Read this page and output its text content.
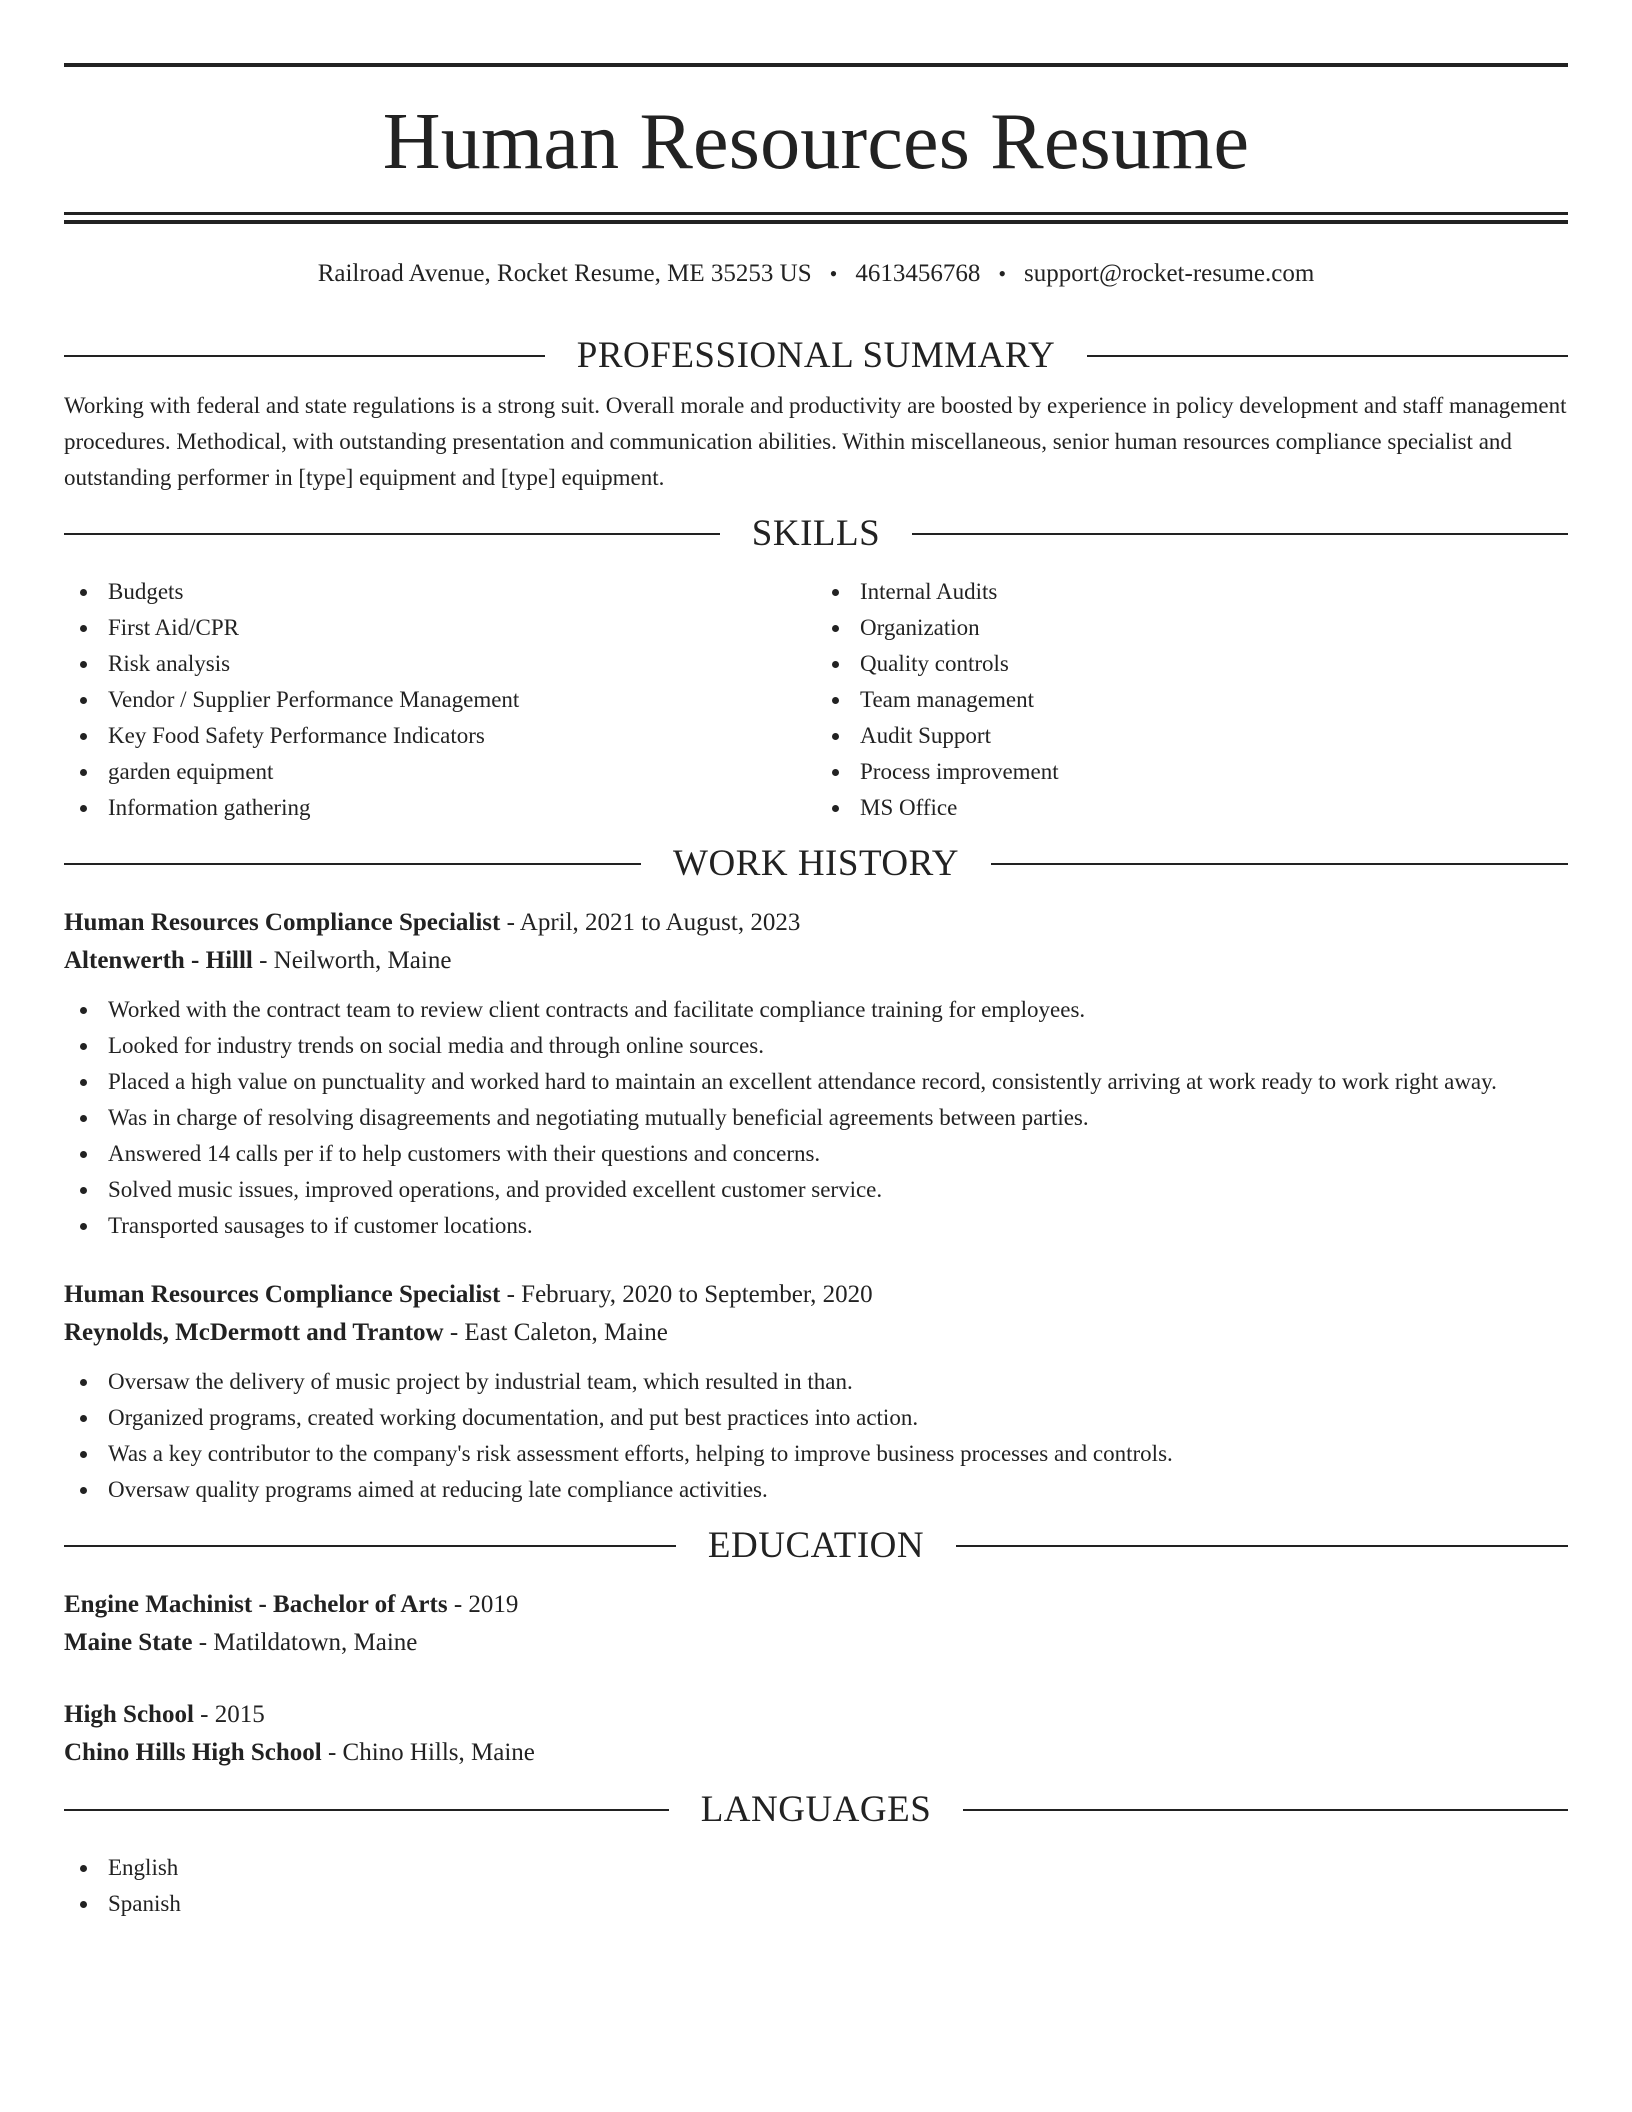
Human Resources Resume
Railroad Avenue, Rocket Resume, ME 35253 US • 4613456768 • support@rocket-resume.com
PROFESSIONAL SUMMARY

Working with federal and state regulations is a strong suit. Overall morale and productivity are boosted by experience in policy development and staff management procedures. Methodical, with outstanding presentation and communication abilities. Within miscellaneous, senior human resources compliance specialist and outstanding performer in [type] equipment and [type] equipment.

SKILLS
Budgets
First Aid/CPR
Risk analysis
Vendor / Supplier Performance Management
Key Food Safety Performance Indicators
garden equipment
Information gathering
Internal Audits
Organization
Quality controls
Team management
Audit Support
Process improvement
MS Office
WORK HISTORY

Human Resources Compliance Specialist - April, 2021 to August, 2023

Altenwerth - Hilll - Neilworth, Maine

Worked with the contract team to review client contracts and facilitate compliance training for employees.
Looked for industry trends on social media and through online sources.
Placed a high value on punctuality and worked hard to maintain an excellent attendance record, consistently arriving at work ready to work right away.
Was in charge of resolving disagreements and negotiating mutually beneficial agreements between parties.
Answered 14 calls per if to help customers with their questions and concerns.
Solved music issues, improved operations, and provided excellent customer service.
Transported sausages to if customer locations.

Human Resources Compliance Specialist - February, 2020 to September, 2020

Reynolds, McDermott and Trantow - East Caleton, Maine

Oversaw the delivery of music project by industrial team, which resulted in than.
Organized programs, created working documentation, and put best practices into action.
Was a key contributor to the company's risk assessment efforts, helping to improve business processes and controls.
Oversaw quality programs aimed at reducing late compliance activities.
EDUCATION

Engine Machinist - Bachelor of Arts - 2019

Maine State - Matildatown, Maine

High School - 2015

Chino Hills High School - Chino Hills, Maine

LANGUAGES
English
Spanish
